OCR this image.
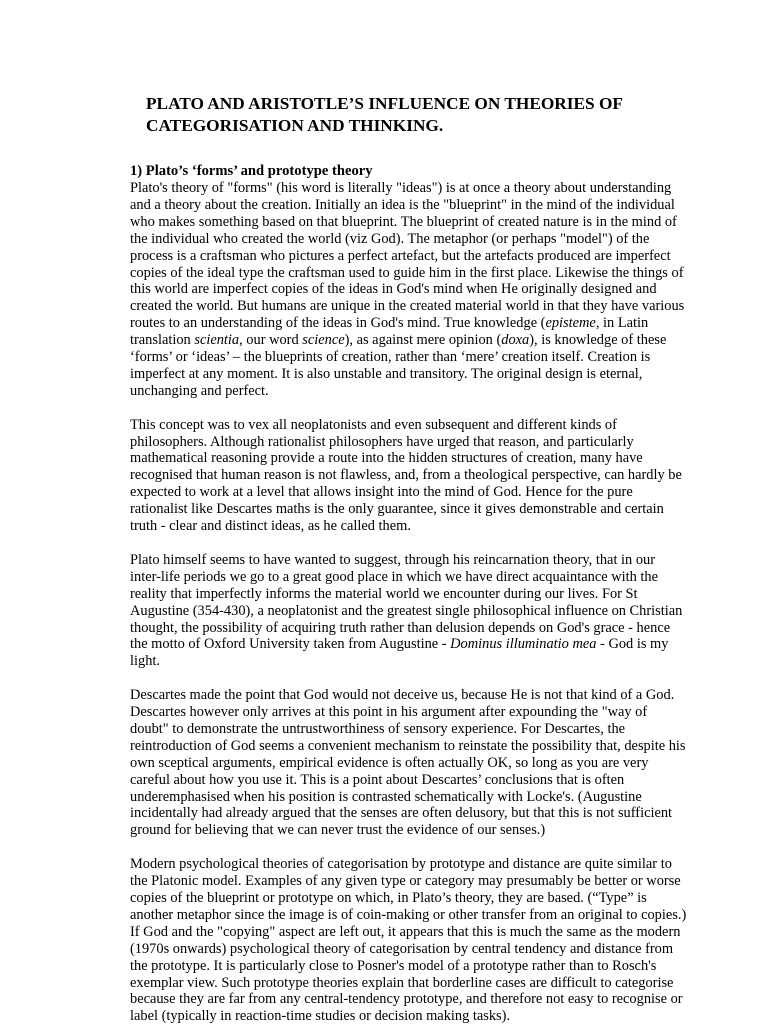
PLATO AND ARISTOTLE’S INFLUENCE ON THEORIES OF CATEGORISATION AND THINKING.
1) Plato’s ‘forms’ and prototype theory

Plato's theory of "forms" (his word is literally "ideas") is at once a theory about understanding and a theory about the creation. Initially an idea is the "blueprint" in the mind of the individual who makes something based on that blueprint. The blueprint of created nature is in the mind of the individual who created the world (viz God). The metaphor (or perhaps "model") of the process is a craftsman who pictures a perfect artefact, but the artefacts produced are imperfect copies of the ideal type the craftsman used to guide him in the first place. Likewise the things of this world are imperfect copies of the ideas in God's mind when He originally designed and created the world. But humans are unique in the created material world in that they have various routes to an understanding of the ideas in God's mind. True knowledge (episteme, in Latin translation scientia, our word science), as against mere opinion (doxa), is knowledge of these ‘forms’ or ‘ideas’ – the blueprints of creation, rather than ‘mere’ creation itself. Creation is imperfect at any moment. It is also unstable and transitory. The original design is eternal, unchanging and perfect.

This concept was to vex all neoplatonists and even subsequent and different kinds of philosophers. Although rationalist philosophers have urged that reason, and particularly mathematical reasoning provide a route into the hidden structures of creation, many have recognised that human reason is not flawless, and, from a theological perspective, can hardly be expected to work at a level that allows insight into the mind of God. Hence for the pure rationalist like Descartes maths is the only guarantee, since it gives demonstrable and certain truth - clear and distinct ideas, as he called them.

Plato himself seems to have wanted to suggest, through his reincarnation theory, that in our inter-life periods we go to a great good place in which we have direct acquaintance with the reality that imperfectly informs the material world we encounter during our lives. For St Augustine (354-430), a neoplatonist and the greatest single philosophical influence on Christian thought, the possibility of acquiring truth rather than delusion depends on God's grace - hence the motto of Oxford University taken from Augustine - Dominus illuminatio mea - God is my light.

Descartes made the point that God would not deceive us, because He is not that kind of a God. Descartes however only arrives at this point in his argument after expounding the "way of doubt" to demonstrate the untrustworthiness of sensory experience. For Descartes, the reintroduction of God seems a convenient mechanism to reinstate the possibility that, despite his own sceptical arguments, empirical evidence is often actually OK, so long as you are very careful about how you use it. This is a point about Descartes’ conclusions that is often underemphasised when his position is contrasted schematically with Locke's. (Augustine incidentally had already argued that the senses are often delusory, but that this is not sufficient ground for believing that we can never trust the evidence of our senses.)

Modern psychological theories of categorisation by prototype and distance are quite similar to the Platonic model. Examples of any given type or category may presumably be better or worse copies of the blueprint or prototype on which, in Plato’s theory, they are based. (“Type” is another metaphor since the image is of coin-making or other transfer from an original to copies.) If God and the "copying" aspect are left out, it appears that this is much the same as the modern (1970s onwards) psychological theory of categorisation by central tendency and distance from the prototype. It is particularly close to Posner's model of a prototype rather than to Rosch's exemplar view. Such prototype theories explain that borderline cases are difficult to categorise because they are far from any central-tendency prototype, and therefore not easy to recognise or label (typically in reaction-time studies or decision making tasks).
